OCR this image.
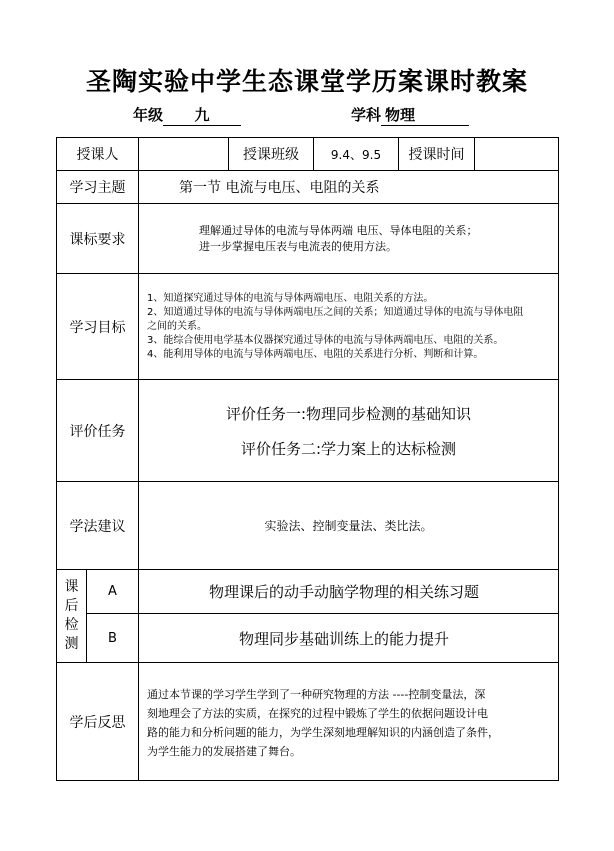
圣陶实验中学生态课堂学历案课时教案
年级 九	学科 物理
授课人			授课班级	9.4、9.5	授课时间	
学习主题		第一节 电流与电压、电阻的关系				
课标要求		理解通过导体的电流与导体两端 电压、导体电阻的关系；
进一步掌握电压表与电流表的使用方法。				

学习目标		1、知道探究通过导体的电流与导体两端电压、电阻关系的方法。
2、知道通过导体的电流与导体两端电压之间的关系；知道通过导体的电流与导体电阻
之间的关系。
3、能综合使用电学基本仪器探究通过导体的电流与导体两端电压、电阻的关系。
4、能利用导体的电流与导体两端电压、电阻的关系进行分析、判断和计算。				

评价任务		评价任务一:物理同步检测的基础知识
评价任务二:学力案上的达标检测				

学法建议		实验法、控制变量法、类比法。				

课
后
检
测	A	物理课后的动手动脑学物理的相关练习题				
	B	物理同步基础训练上的能力提升				
学后反思		通过本节课的学习学生学到了一种研究物理的方法 ----控制变量法，深
刻地理会了方法的实质，在探究的过程中锻炼了学生的依据问题设计电
路的能力和分析问题的能力，为学生深刻地理解知识的内涵创造了条件，
为学生能力的发展搭建了舞台。				
